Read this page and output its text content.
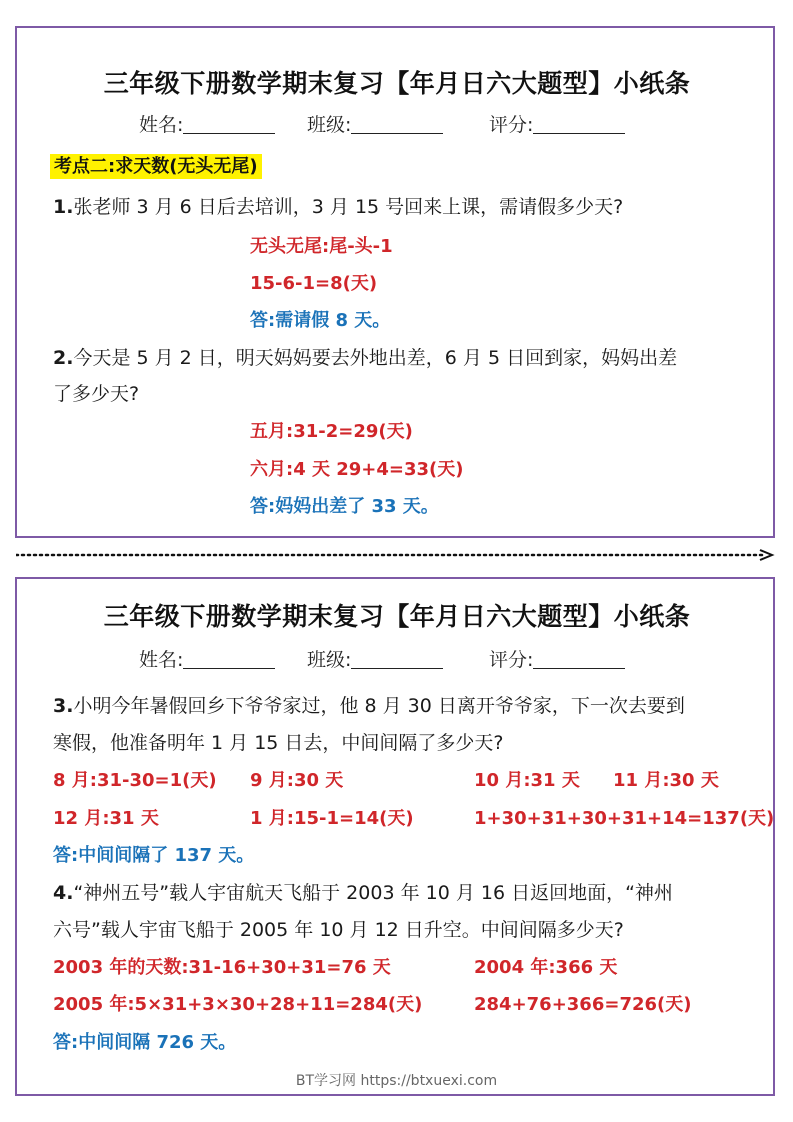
三年级下册数学期末复习【年月日六大题型】小纸条
姓名:	班级:	评分:
考点二:求天数(无头无尾)
1.张老师 3 月 6 日后去培训，3 月 15 号回来上课，需请假多少天?
无头无尾:尾-头-1
15-6-1=8(天)
答:需请假 8 天。
2.今天是 5 月 2 日，明天妈妈要去外地出差，6 月 5 日回到家，妈妈出差
了多少天?
五月:31-2=29(天)
六月:4 天 29+4=33(天)
答:妈妈出差了 33 天。
三年级下册数学期末复习【年月日六大题型】小纸条
姓名:	班级:	评分:
3.小明今年暑假回乡下爷爷家过，他 8 月 30 日离开爷爷家，下一次去要到
寒假，他准备明年 1 月 15 日去，中间间隔了多少天?
8 月:31-30=1(天) 9 月:30 天	10 月:31 天 11 月:30 天
12 月:31 天	1 月:15-1=14(天)	1+30+31+30+31+14=137(天)
答:中间间隔了 137 天。
4.“神州五号”载人宇宙航天飞船于 2003 年 10 月 16 日返回地面，“神州
六号”载人宇宙飞船于 2005 年 10 月 12 日升空。中间间隔多少天?
2003 年的天数:31-16+30+31=76 天	2004 年:366 天
2005 年:5×31+3×30+28+11=284(天)	284+76+366=726(天)
答:中间间隔 726 天。
BT学习网 https://btxuexi.com
